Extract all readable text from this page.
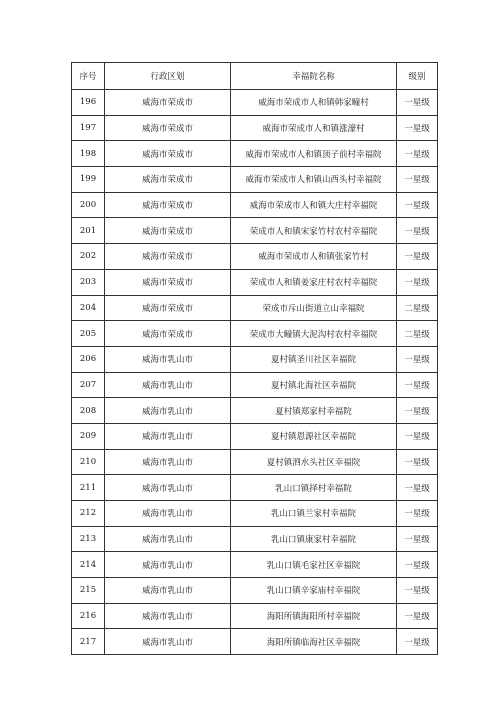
序号	行政区划	幸福院名称	级别
196	威海市荣成市	威海市荣成市人和镇韩家疃村	一星级
197	威海市荣成市	威海市荣成市人和镇涨濠村	一星级
198	威海市荣成市	威海市荣成市人和镇顶子前村幸福院	一星级
199	威海市荣成市	威海市荣成市人和镇山西头村幸福院	一星级
200	威海市荣成市	威海市荣成市人和镇大庄村幸福院	一星级
201	威海市荣成市	荣成市人和镇宋家竹村农村幸福院	一星级
202	威海市荣成市	威海市荣成市人和镇张家竹村	一星级
203	威海市荣成市	荣成市人和镇姜家庄村农村幸福院	一星级
204	威海市荣成市	荣成市斥山街道立山幸福院	二星级
205	威海市荣成市	荣成市大疃镇大泥沟村农村幸福院	二星级
206	威海市乳山市	夏村镇圣川社区幸福院	一星级
207	威海市乳山市	夏村镇北海社区幸福院	一星级
208	威海市乳山市	夏村镇郑家村幸福院	一星级
209	威海市乳山市	夏村镇恩源社区幸福院	一星级
210	威海市乳山市	夏村镇泗水头社区幸福院	一星级
211	威海市乳山市	乳山口镇择村幸福院	一星级
212	威海市乳山市	乳山口镇兰家村幸福院	一星级
213	威海市乳山市	乳山口镇康家村幸福院	一星级
214	威海市乳山市	乳山口镇毛家社区幸福院	一星级
215	威海市乳山市	乳山口镇辛家庙村幸福院	一星级
216	威海市乳山市	海阳所镇海阳所村幸福院	一星级
217	威海市乳山市	海阳所镇临海社区幸福院	一星级
